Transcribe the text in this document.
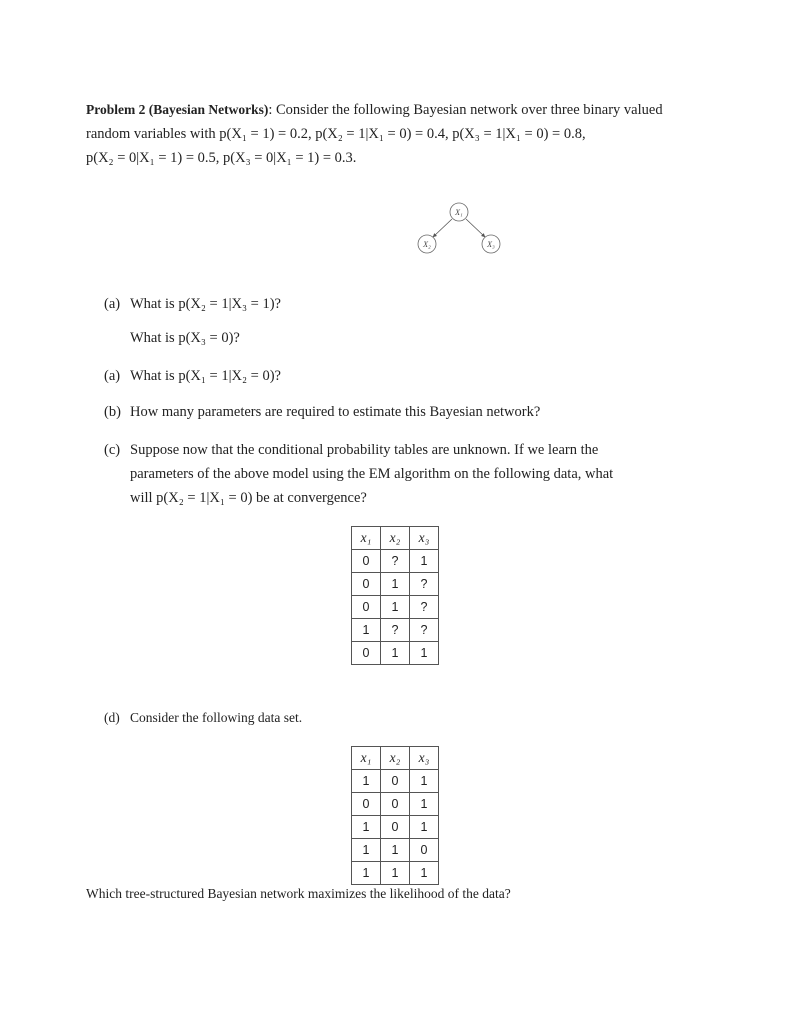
Problem 2 (Bayesian Networks): Consider the following Bayesian network over three binary valued
random variables with p(X₁ = 1) = 0.2, p(X₂ = 1|X₁ = 0) = 0.4, p(X₃ = 1|X₁ = 0) = 0.8,
p(X₂ = 0|X₁ = 1) = 0.5, p(X₃ = 0|X₁ = 1) = 0.3.
X₁
X₂	X₃
(a) What is p(X₂ = 1|X₃ = 1)?
What is p(X₃ = 0)?
(a) What is p(X₁ = 1|X₂ = 0)?
(b) How many parameters are required to estimate this Bayesian network?
(c) Suppose now that the conditional probability tables are unknown. If we learn the
parameters of the above model using the EM algorithm on the following data, what
will p(X₂ = 1|X₁ = 0) be at convergence?
x₁	x₂	x₃
0	?	1
0	1	?
0	1	?
1	?	?
0	1	1
(d) Consider the following data set.
x₁	x₂	x₃
1	0	1
0	0	1
1	0	1
1	1	0
1	1	1
Which tree-structured Bayesian network maximizes the likelihood of the data?
